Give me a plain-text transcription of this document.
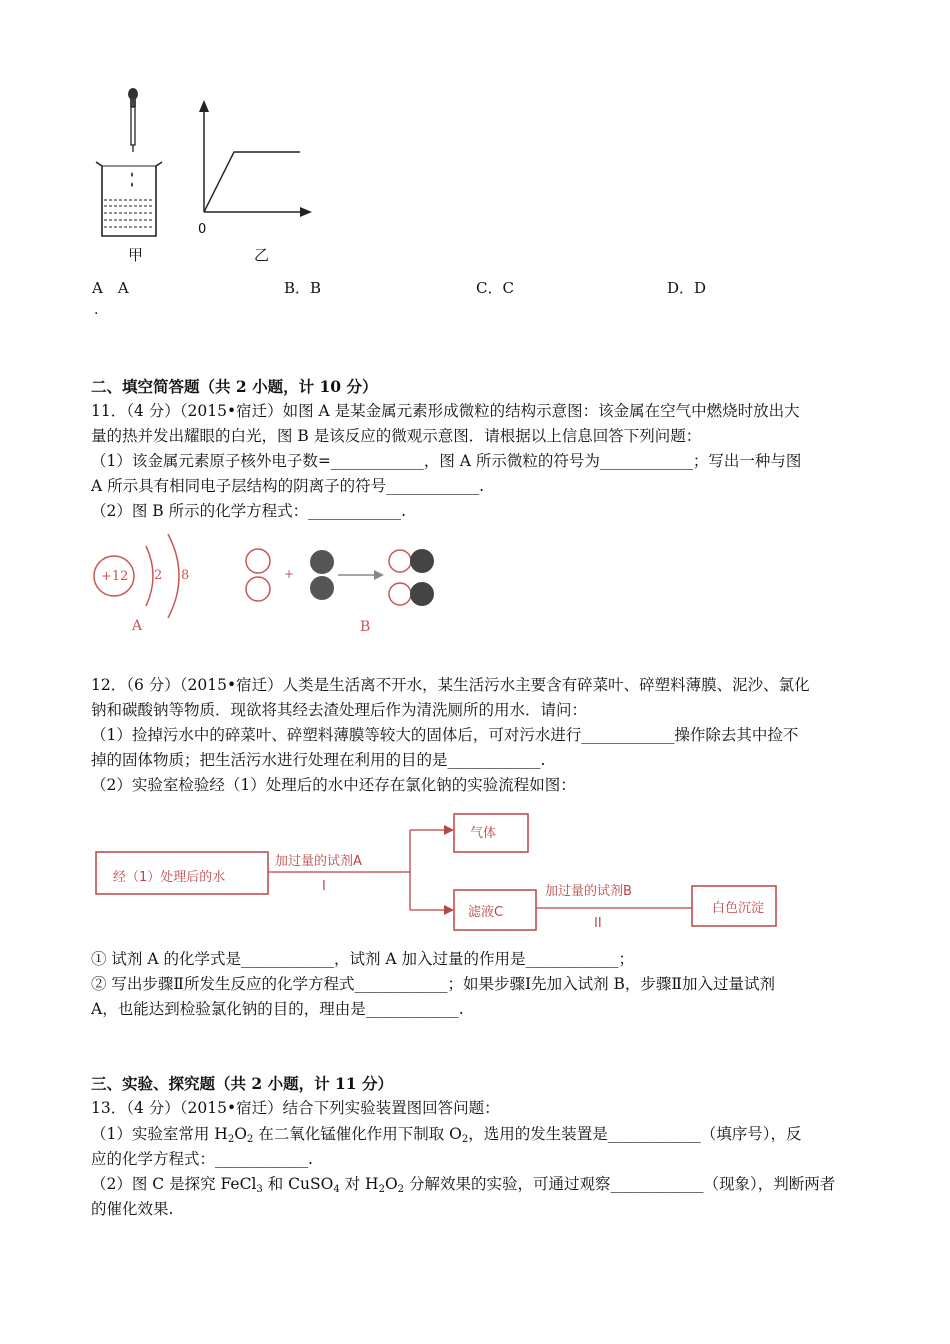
甲	乙
0
A　A
.
B．B	C．C	D．D
二、填空简答题（共 2 小题，计 10 分）
11．（4 分）（2015•宿迁）如图 A 是某金属元素形成微粒的结构示意图：该金属在空气中燃烧时放出大
量的热并发出耀眼的白光，图 B 是该反应的微观示意图．请根据以上信息回答下列问题：
（1）该金属元素原子核外电子数=____________，图 A 所示微粒的符号为____________；写出一种与图
A 所示具有相同电子层结构的阴离子的符号____________.
（2）图 B 所示的化学方程式：____________.
+12 2 8	+
A	B
12．（6 分）（2015•宿迁）人类是生活离不开水，某生活污水主要含有碎菜叶、碎塑料薄膜、泥沙、氯化
钠和碳酸钠等物质．现欲将其经去渣处理后作为清洗厕所的用水．请问：
（1）捡掉污水中的碎菜叶、碎塑料薄膜等较大的固体后，可对污水进行____________操作除去其中捡不
掉的固体物质；把生活污水进行处理在利用的目的是____________.
（2）实验室检验经（1）处理后的水中还存在氯化钠的实验流程如图：
经（1）处理后的水
加过量的试剂A
I
气体
滤液C
加过量的试剂B
II
白色沉淀
① 试剂 A 的化学式是____________，试剂 A 加入过量的作用是____________；
② 写出步骤Ⅱ所发生反应的化学方程式____________；如果步骤Ⅰ先加入试剂 B，步骤Ⅱ加入过量试剂
A，也能达到检验氯化钠的目的，理由是____________.
三、实验、探究题（共 2 小题，计 11 分）
13．（4 分）（2015•宿迁）结合下列实验装置图回答问题：
（1）实验室常用 $H_2O_2$ 在二氧化锰催化作用下制取 $O_2$，选用的发生装置是____________（填序号），反
应的化学方程式：____________.
（2）图 C 是探究 FeCl$_3$ 和 CuSO$_4$ 对 $H_2O_2$ 分解效果的实验，可通过观察____________（现象），判断两者
的催化效果.
